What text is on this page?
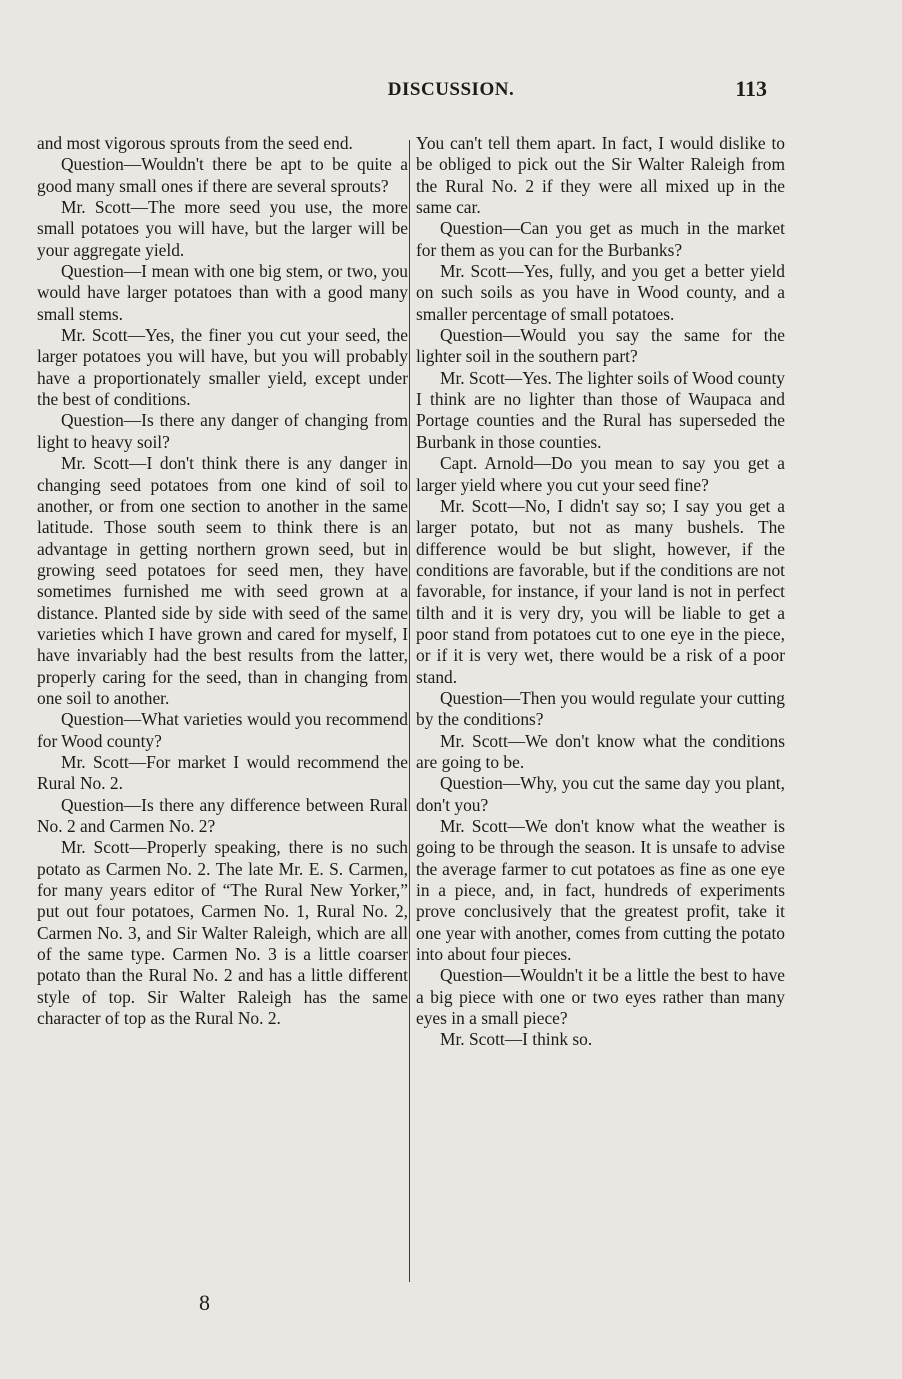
DISCUSSION.	113

and most vigorous sprouts from the seed end.

Question—Wouldn't there be apt to be quite a good many small ones if there are several sprouts?

Mr. Scott—The more seed you use, the more small potatoes you will have, but the larger will be your aggregate yield.

Question—I mean with one big stem, or two, you would have larger potatoes than with a good many small stems.

Mr. Scott—Yes, the finer you cut your seed, the larger potatoes you will have, but you will probably have a proportionately smaller yield, except under the best of conditions.

Question—Is there any danger of changing from light to heavy soil?

Mr. Scott—I don't think there is any danger in changing seed potatoes from one kind of soil to another, or from one section to another in the same latitude. Those south seem to think there is an advantage in getting northern grown seed, but in growing seed potatoes for seed men, they have sometimes furnished me with seed grown at a distance. Planted side by side with seed of the same varieties which I have grown and cared for myself, I have invariably had the best results from the latter, properly caring for the seed, than in changing from one soil to another.

Question—What varieties would you recommend for Wood county?

Mr. Scott—For market I would recommend the Rural No. 2.

Question—Is there any difference between Rural No. 2 and Carmen No. 2?

Mr. Scott—Properly speaking, there is no such potato as Carmen No. 2. The late Mr. E. S. Carmen, for many years editor of “The Rural New Yorker,” put out four potatoes, Carmen No. 1, Rural No. 2, Carmen No. 3, and Sir Walter Raleigh, which are all of the same type. Carmen No. 3 is a little coarser potato than the Rural No. 2 and has a little different style of top. Sir Walter Raleigh has the same character of top as the Rural No. 2.

You can't tell them apart. In fact, I would dislike to be obliged to pick out the Sir Walter Raleigh from the Rural No. 2 if they were all mixed up in the same car.

Question—Can you get as much in the market for them as you can for the Burbanks?

Mr. Scott—Yes, fully, and you get a better yield on such soils as you have in Wood county, and a smaller percentage of small potatoes.

Question—Would you say the same for the lighter soil in the southern part?

Mr. Scott—Yes. The lighter soils of Wood county I think are no lighter than those of Waupaca and Portage counties and the Rural has superseded the Burbank in those counties.

Capt. Arnold—Do you mean to say you get a larger yield where you cut your seed fine?

Mr. Scott—No, I didn't say so; I say you get a larger potato, but not as many bushels. The difference would be but slight, however, if the conditions are favorable, but if the conditions are not favorable, for instance, if your land is not in perfect tilth and it is very dry, you will be liable to get a poor stand from potatoes cut to one eye in the piece, or if it is very wet, there would be a risk of a poor stand.

Question—Then you would regulate your cutting by the conditions?

Mr. Scott—We don't know what the conditions are going to be.

Question—Why, you cut the same day you plant, don't you?

Mr. Scott—We don't know what the weather is going to be through the season. It is unsafe to advise the average farmer to cut potatoes as fine as one eye in a piece, and, in fact, hundreds of experiments prove conclusively that the greatest profit, take it one year with another, comes from cutting the potato into about four pieces.

Question—Wouldn't it be a little the best to have a big piece with one or two eyes rather than many eyes in a small piece?

Mr. Scott—I think so.

8
